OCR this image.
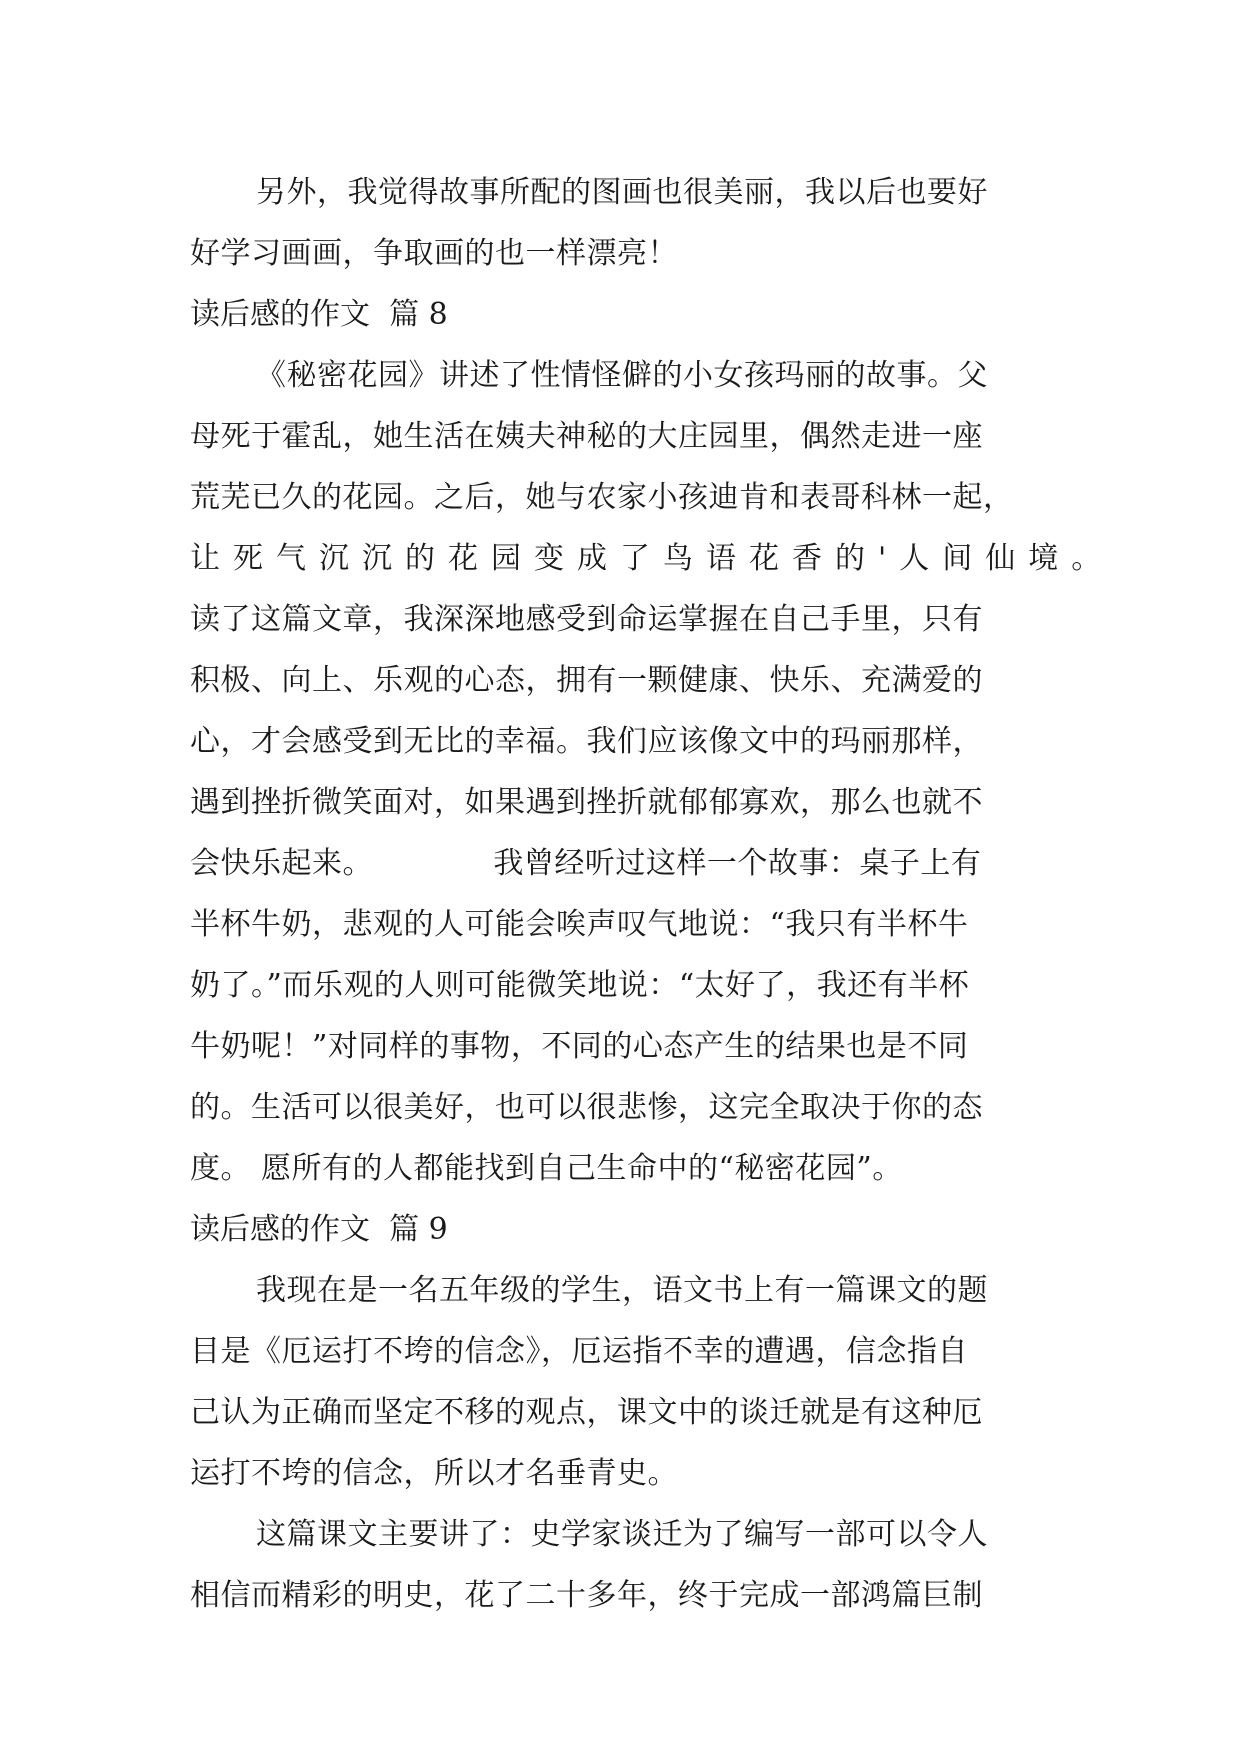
另外，我觉得故事所配的图画也很美丽，我以后也要好
好学习画画，争取画的也一样漂亮！
读后感的作文  篇 8
《秘密花园》讲述了性情怪僻的小女孩玛丽的故事。父
母死于霍乱，她生活在姨夫神秘的大庄园里，偶然走进一座
荒芜已久的花园。之后，她与农家小孩迪肯和表哥科林一起，
让死气沉沉的花园变成了鸟语花香的'人间仙境。
读了这篇文章，我深深地感受到命运掌握在自己手里，只有
积极、向上、乐观的心态，拥有一颗健康、快乐、充满爱的
心，才会感受到无比的幸福。我们应该像文中的玛丽那样，
遇到挫折微笑面对，如果遇到挫折就郁郁寡欢，那么也就不
会快乐起来。            我曾经听过这样一个故事：桌子上有
半杯牛奶，悲观的人可能会唉声叹气地说：“我只有半杯牛
奶了。”而乐观的人则可能微笑地说：“太好了，我还有半杯
牛奶呢！”对同样的事物，不同的心态产生的结果也是不同
的。生活可以很美好，也可以很悲惨，这完全取决于你的态
度。 愿所有的人都能找到自己生命中的“秘密花园”。
读后感的作文  篇 9
我现在是一名五年级的学生，语文书上有一篇课文的题
目是《厄运打不垮的信念》，厄运指不幸的遭遇，信念指自
己认为正确而坚定不移的观点，课文中的谈迁就是有这种厄
运打不垮的信念，所以才名垂青史。
这篇课文主要讲了：史学家谈迁为了编写一部可以令人
相信而精彩的明史，花了二十多年，终于完成一部鸿篇巨制
